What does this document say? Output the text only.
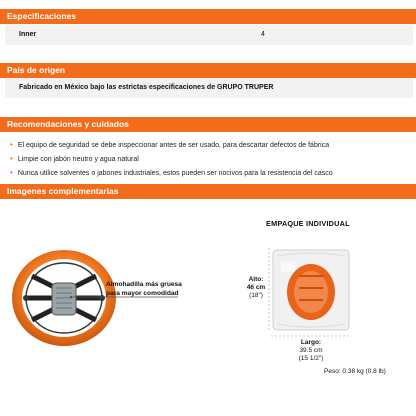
Especificaciones
Inner	4
País de origen
Fabricado en México bajo las estrictas especificaciones de GRUPO TRUPER
Recomendaciones y cuidados
• El equipo de seguridad se debe inspeccionar antes de ser usado, para descartar defectos de fábrica
• Limpie con jabón neutro y agua natural
• Nunca utilice solventes o jabones industriales, estos pueden ser nocivos para la resistencia del casco
Imagenes complementarias
Almohadilla más gruesa
para mayor comodidad
EMPAQUE INDIVIDUAL
Alto:
46 cm
(18")
Largo:
39.5 cm
(15 1/2")
Peso: 0.38 kg (0.8 lb)
